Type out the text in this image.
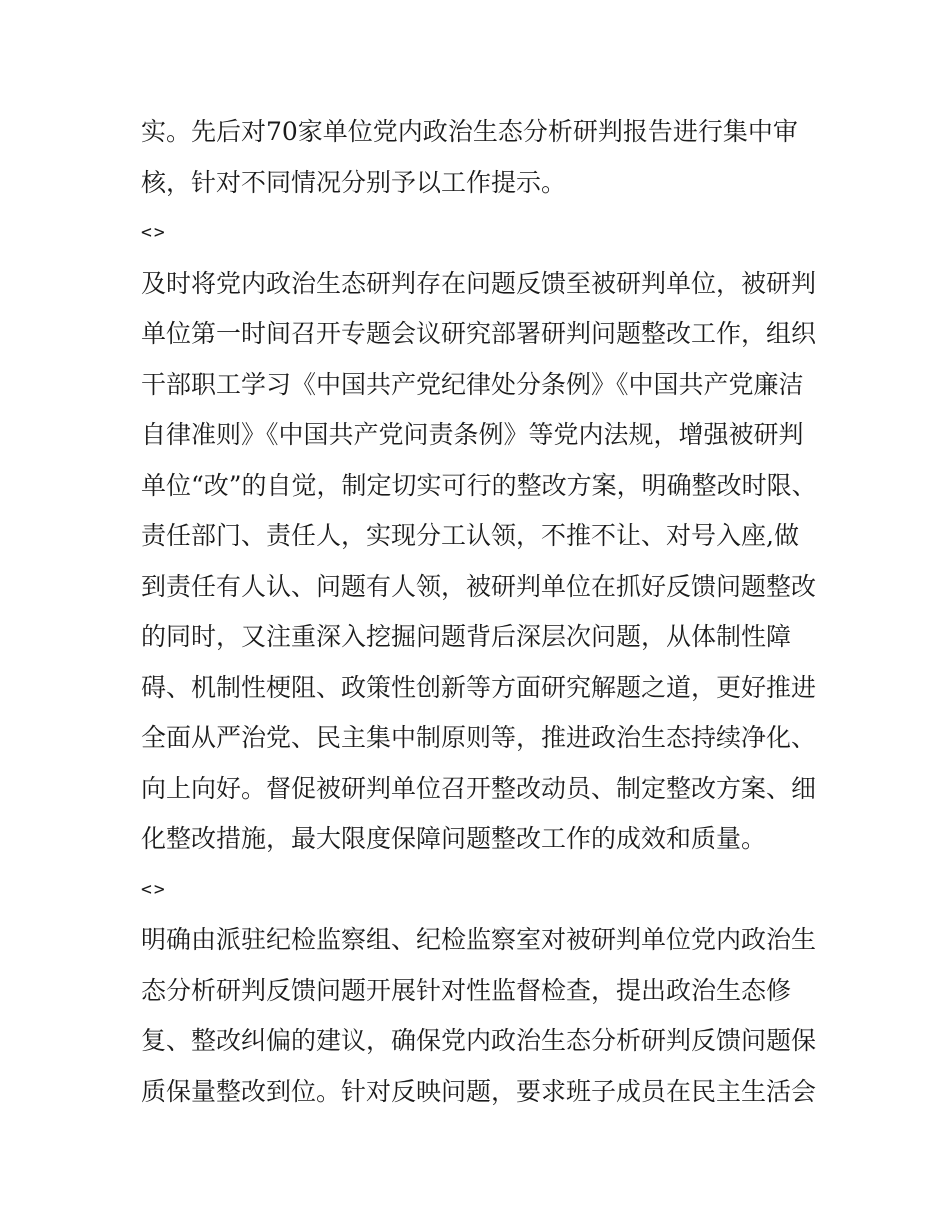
实。先后对70家单位党内政治生态分析研判报告进行集中审
核，针对不同情况分别予以工作提示。
<>
及时将党内政治生态研判存在问题反馈至被研判单位，被研判
单位第一时间召开专题会议研究部署研判问题整改工作，组织
干部职工学习《中国共产党纪律处分条例》《中国共产党廉洁
自律准则》《中国共产党问责条例》等党内法规，增强被研判
单位“改”的自觉，制定切实可行的整改方案，明确整改时限、
责任部门、责任人，实现分工认领，不推不让、对号入座,做
到责任有人认、问题有人领，被研判单位在抓好反馈问题整改
的同时，又注重深入挖掘问题背后深层次问题，从体制性障
碍、机制性梗阻、政策性创新等方面研究解题之道，更好推进
全面从严治党、民主集中制原则等，推进政治生态持续净化、
向上向好。督促被研判单位召开整改动员、制定整改方案、细
化整改措施，最大限度保障问题整改工作的成效和质量。
<>
明确由派驻纪检监察组、纪检监察室对被研判单位党内政治生
态分析研判反馈问题开展针对性监督检查，提出政治生态修
复、整改纠偏的建议，确保党内政治生态分析研判反馈问题保
质保量整改到位。针对反映问题，要求班子成员在民主生活会
